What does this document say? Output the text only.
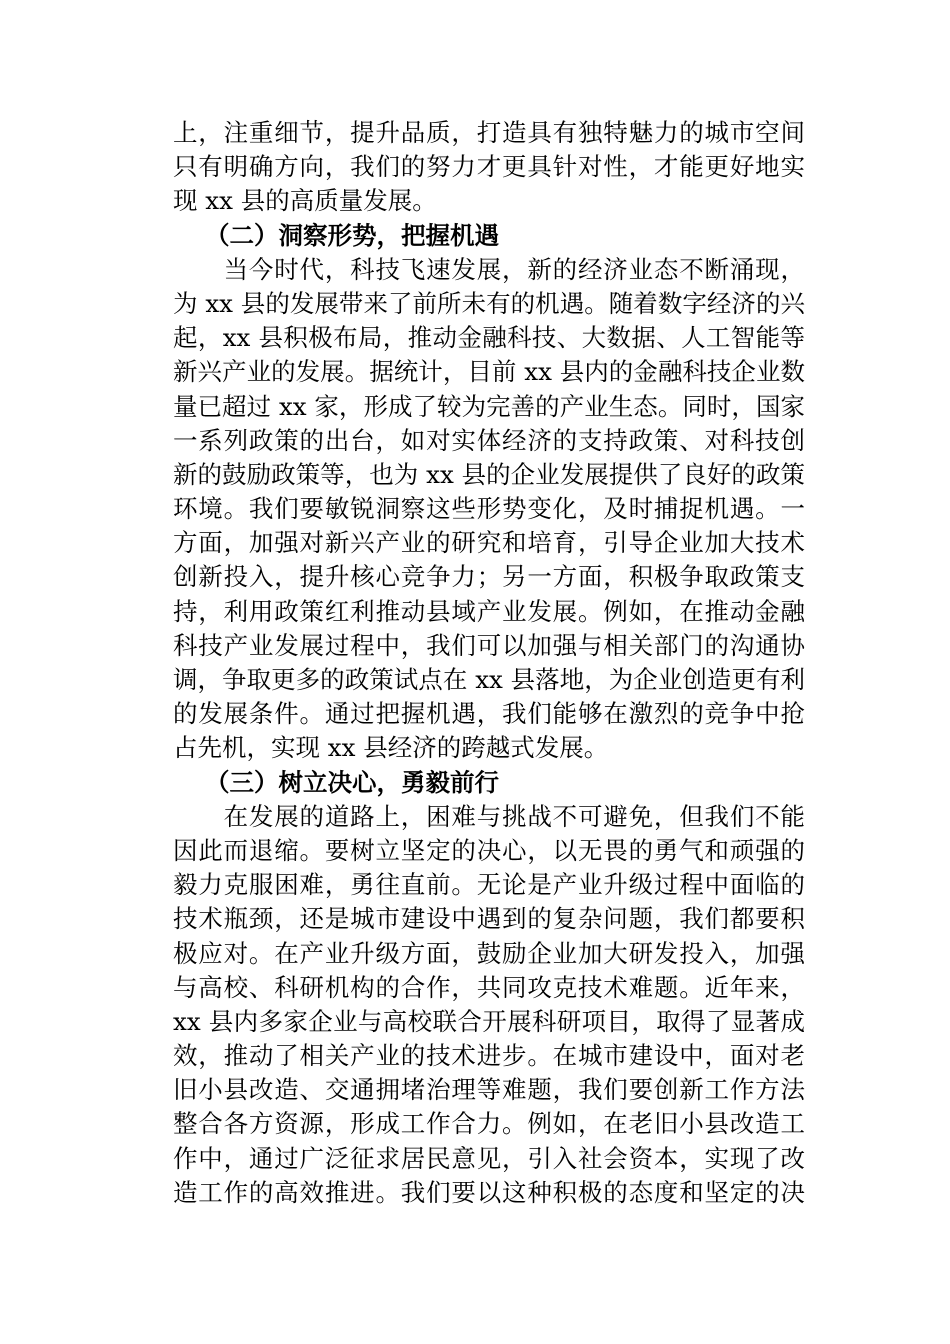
上，注重细节，提升品质，打造具有独特魅力的城市空间
只有明确方向，我们的努力才更具针对性，才能更好地实
现 xx 县的高质量发展。
（二）洞察形势，把握机遇
　　当今时代，科技飞速发展，新的经济业态不断涌现，
为 xx 县的发展带来了前所未有的机遇。随着数字经济的兴
起，xx 县积极布局，推动金融科技、大数据、人工智能等
新兴产业的发展。据统计，目前 xx 县内的金融科技企业数
量已超过 xx 家，形成了较为完善的产业生态。同时，国家
一系列政策的出台，如对实体经济的支持政策、对科技创
新的鼓励政策等，也为 xx 县的企业发展提供了良好的政策
环境。我们要敏锐洞察这些形势变化，及时捕捉机遇。一
方面，加强对新兴产业的研究和培育，引导企业加大技术
创新投入，提升核心竞争力；另一方面，积极争取政策支
持，利用政策红利推动县域产业发展。例如，在推动金融
科技产业发展过程中，我们可以加强与相关部门的沟通协
调，争取更多的政策试点在 xx 县落地，为企业创造更有利
的发展条件。通过把握机遇，我们能够在激烈的竞争中抢
占先机，实现 xx 县经济的跨越式发展。
（三）树立决心，勇毅前行
　　在发展的道路上，困难与挑战不可避免，但我们不能
因此而退缩。要树立坚定的决心，以无畏的勇气和顽强的
毅力克服困难，勇往直前。无论是产业升级过程中面临的
技术瓶颈，还是城市建设中遇到的复杂问题，我们都要积
极应对。在产业升级方面，鼓励企业加大研发投入，加强
与高校、科研机构的合作，共同攻克技术难题。近年来，
xx 县内多家企业与高校联合开展科研项目，取得了显著成
效，推动了相关产业的技术进步。在城市建设中，面对老
旧小县改造、交通拥堵治理等难题，我们要创新工作方法
整合各方资源，形成工作合力。例如，在老旧小县改造工
作中，通过广泛征求居民意见，引入社会资本，实现了改
造工作的高效推进。我们要以这种积极的态度和坚定的决
